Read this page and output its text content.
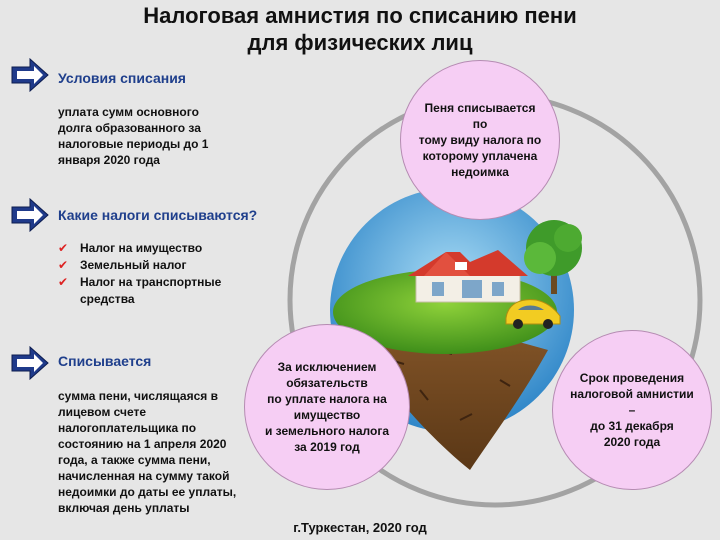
Налоговая амнистия по списанию пени
для физических лиц
Условия списания
уплата сумм основного
долга образованного за
налоговые периоды до 1
января 2020 года
Какие налоги списываются?
✔ Налог на имущество
✔ Земельный налог
✔ Налог на транспортные
средства
Списывается
сумма пени, числящаяся в
лицевом счете
налогоплательщика по
состоянию на 1 апреля 2020
года, а также сумма пени,
начисленная на сумму такой
недоимки до даты ее уплаты,
включая день уплаты
Пеня списывается по
тому виду налога по
которому уплачена
недоимка
За исключением
обязательств
по уплате налога на
имущество
и земельного налога
за 2019 год
Срок проведения
налоговой амнистии –
до 31 декабря
2020 года
г.Туркестан, 2020 год
